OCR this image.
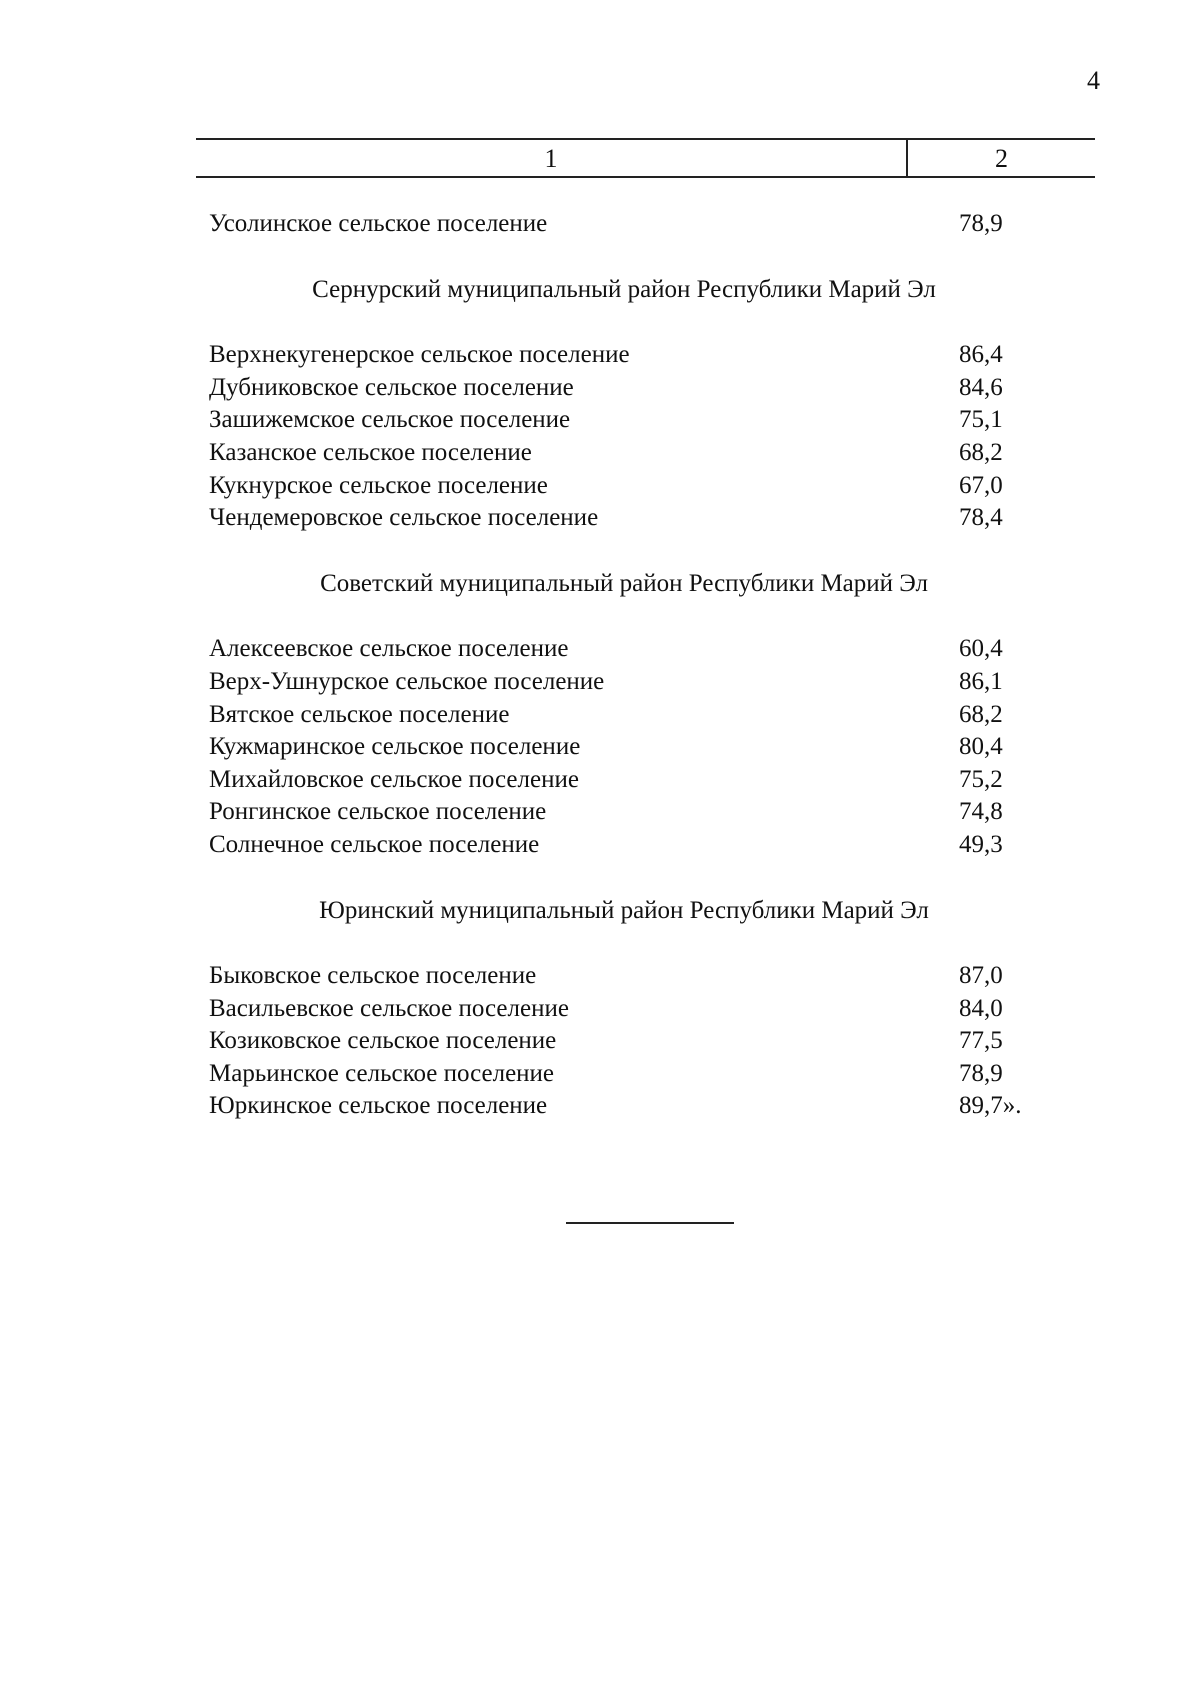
4
1	2
Усолинское сельское поселение	78,9
Сернурский муниципальный район Республики Марий Эл
Верхнекугенерское сельское поселение	86,4
Дубниковское сельское поселение	84,6
Зашижемское сельское поселение	75,1
Казанское сельское поселение	68,2
Кукнурское сельское поселение	67,0
Чендемеровское сельское поселение	78,4
Советский муниципальный район Республики Марий Эл
Алексеевское сельское поселение	60,4
Верх-Ушнурское сельское поселение	86,1
Вятское сельское поселение	68,2
Кужмаринское сельское поселение	80,4
Михайловское сельское поселение	75,2
Ронгинское сельское поселение	74,8
Солнечное сельское поселение	49,3
Юринский муниципальный район Республики Марий Эл
Быковское сельское поселение	87,0
Васильевское сельское поселение	84,0
Козиковское сельское поселение	77,5
Марьинское сельское поселение	78,9
Юркинское сельское поселение	89,7».
